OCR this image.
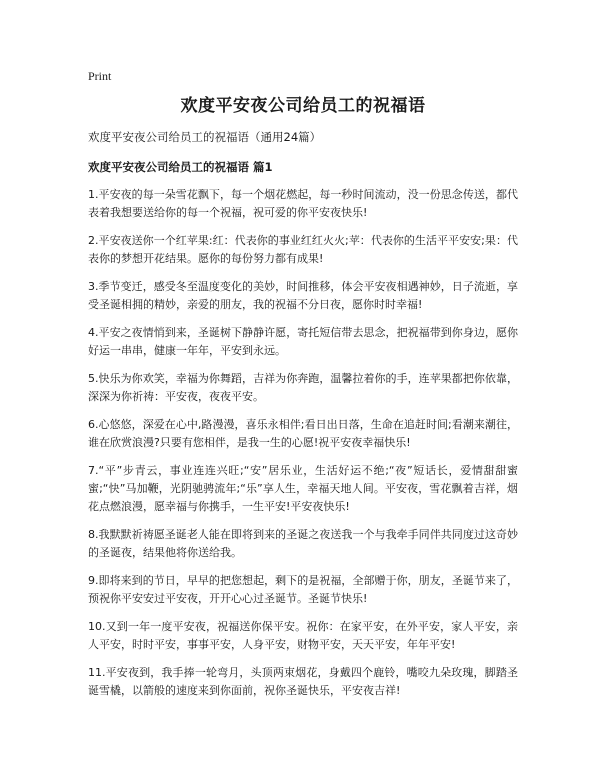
Print
欢度平安夜公司给员工的祝福语

欢度平安夜公司给员工的祝福语（通用24篇）

欢度平安夜公司给员工的祝福语 篇1

1.平安夜的每一朵雪花飘下，每一个烟花燃起，每一秒时间流动，没一份思念传送，都代表着我想要送给你的每一个祝福，祝可爱的你平安夜快乐!

2.平安夜送你一个红苹果:红：代表你的事业红红火火;苹：代表你的生活平平安安;果：代表你的梦想开花结果。愿你的每份努力都有成果!

3.季节变迁，感受冬至温度变化的美妙，时间推移，体会平安夜相遇神妙，日子流逝，享受圣诞相拥的精妙，亲爱的朋友，我的祝福不分日夜，愿你时时幸福!

4.平安之夜情悄到来，圣诞树下静静许愿，寄托短信带去思念，把祝福带到你身边，愿你好运一串串，健康一年年，平安到永远。

5.快乐为你欢笑，幸福为你舞蹈，吉祥为你奔跑，温馨拉着你的手，连苹果都把你依靠，深深为你祈祷：平安夜，夜夜平安。

6.心悠悠，深爱在心中,路漫漫，喜乐永相伴;看日出日落，生命在追赶时间;看潮来潮往，谁在欣赏浪漫?只要有您相伴，是我一生的心愿!祝平安夜幸福快乐!

7.“平”步青云，事业连连兴旺;“安”居乐业，生活好运不绝;“夜”短话长，爱情甜甜蜜蜜;“快”马加鞭，光阴驰骋流年;“乐”享人生，幸福天地人间。平安夜，雪花飘着吉祥，烟花点燃浪漫，愿幸福与你携手，一生平安!平安夜快乐!

8.我默默祈祷愿圣诞老人能在即将到来的圣诞之夜送我一个与我牵手同伴共同度过这奇妙的圣诞夜，结果他将你送给我。

9.即将来到的节日，早早的把您想起，剩下的是祝福，全部赠于你，朋友，圣诞节来了，预祝你平安安过平安夜，开开心心过圣诞节。圣诞节快乐!

10.又到一年一度平安夜，祝福送你保平安。祝你：在家平安，在外平安，家人平安，亲人平安，时时平安，事事平安，人身平安，财物平安，天天平安，年年平安!

11.平安夜到，我手捧一轮弯月，头顶两束烟花，身戴四个鹿铃，嘴咬九朵玫瑰，脚踏圣诞雪橇，以箭般的速度来到你面前，祝你圣诞快乐，平安夜吉祥!
